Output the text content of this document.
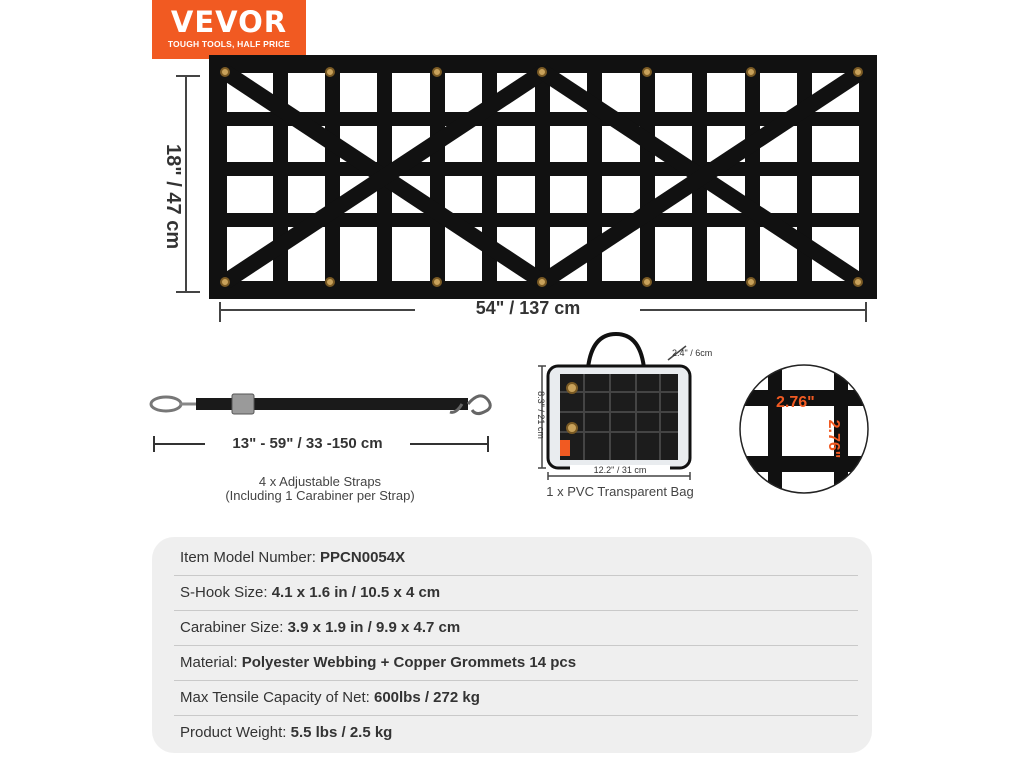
VEVOR
TOUGH TOOLS, HALF PRICE
18" / 47 cm
54" / 137 cm
13" - 59" / 33 -150 cm
4 x Adjustable Straps
(Including 1 Carabiner per Strap)
2.4" / 6cm
8.3" / 21 cm
12.2" / 31 cm
1 x PVC Transparent Bag
2.76"
2.76"
Item Model Number: PPCN0054X
S-Hook Size: 4.1 x 1.6 in / 10.5 x 4 cm
Carabiner Size: 3.9 x 1.9 in / 9.9 x 4.7 cm
Material: Polyester Webbing + Copper Grommets 14 pcs
Max Tensile Capacity of Net: 600lbs / 272 kg
Product Weight: 5.5 lbs / 2.5 kg
